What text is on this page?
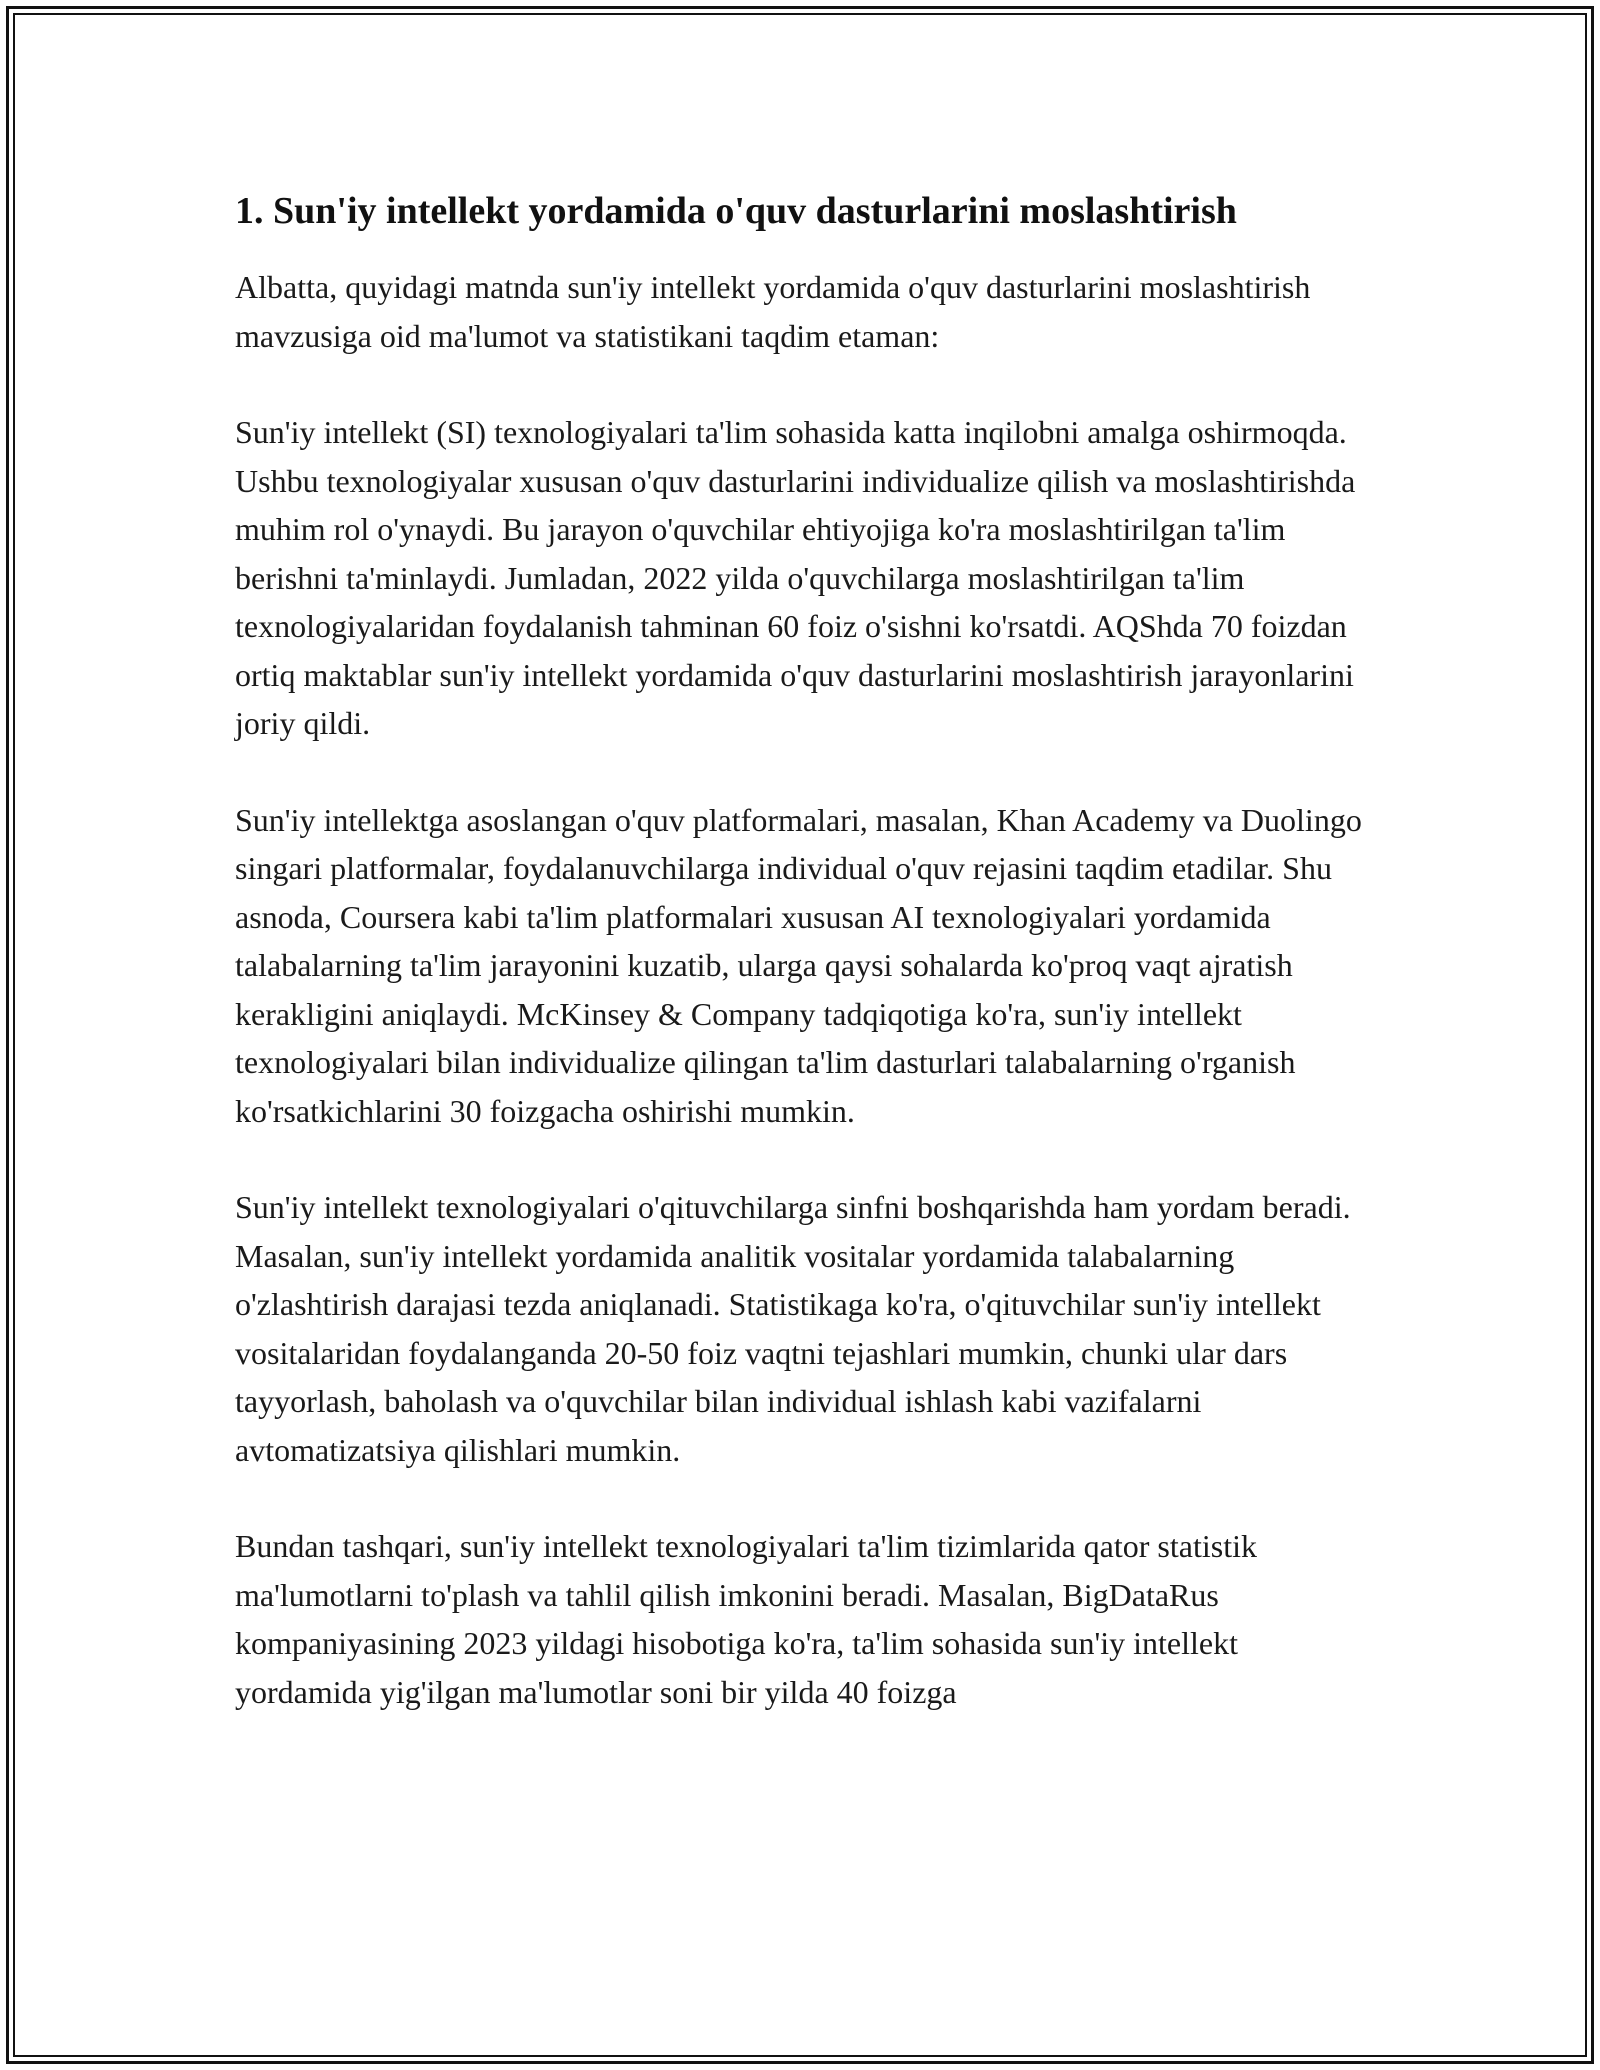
1. Sun'iy intellekt yordamida o'quv dasturlarini moslashtirish

Albatta, quyidagi matnda sun'iy intellekt yordamida o'quv dasturlarini moslashtirish mavzusiga oid ma'lumot va statistikani taqdim etaman:

Sun'iy intellekt (SI) texnologiyalari ta'lim sohasida katta inqilobni amalga oshirmoqda. Ushbu texnologiyalar xususan o'quv dasturlarini individualize qilish va moslashtirishda muhim rol o'ynaydi. Bu jarayon o'quvchilar ehtiyojiga ko'ra moslashtirilgan ta'lim berishni ta'minlaydi. Jumladan, 2022 yilda o'quvchilarga moslashtirilgan ta'lim texnologiyalaridan foydalanish tahminan 60 foiz o'sishni ko'rsatdi. AQShda 70 foizdan ortiq maktablar sun'iy intellekt yordamida o'quv dasturlarini moslashtirish jarayonlarini joriy qildi.

Sun'iy intellektga asoslangan o'quv platformalari, masalan, Khan Academy va Duolingo singari platformalar, foydalanuvchilarga individual o'quv rejasini taqdim etadilar. Shu asnoda, Coursera kabi ta'lim platformalari xususan AI texnologiyalari yordamida talabalarning ta'lim jarayonini kuzatib, ularga qaysi sohalarda ko'proq vaqt ajratish kerakligini aniqlaydi. McKinsey & Company tadqiqotiga ko'ra, sun'iy intellekt texnologiyalari bilan individualize qilingan ta'lim dasturlari talabalarning o'rganish ko'rsatkichlarini 30 foizgacha oshirishi mumkin.

Sun'iy intellekt texnologiyalari o'qituvchilarga sinfni boshqarishda ham yordam beradi. Masalan, sun'iy intellekt yordamida analitik vositalar yordamida talabalarning o'zlashtirish darajasi tezda aniqlanadi. Statistikaga ko'ra, o'qituvchilar sun'iy intellekt vositalaridan foydalanganda 20-50 foiz vaqtni tejashlari mumkin, chunki ular dars tayyorlash, baholash va o'quvchilar bilan individual ishlash kabi vazifalarni avtomatizatsiya qilishlari mumkin.

Bundan tashqari, sun'iy intellekt texnologiyalari ta'lim tizimlarida qator statistik ma'lumotlarni to'plash va tahlil qilish imkonini beradi. Masalan, BigDataRus kompaniyasining 2023 yildagi hisobotiga ko'ra, ta'lim sohasida sun'iy intellekt yordamida yig'ilgan ma'lumotlar soni bir yilda 40 foizga
